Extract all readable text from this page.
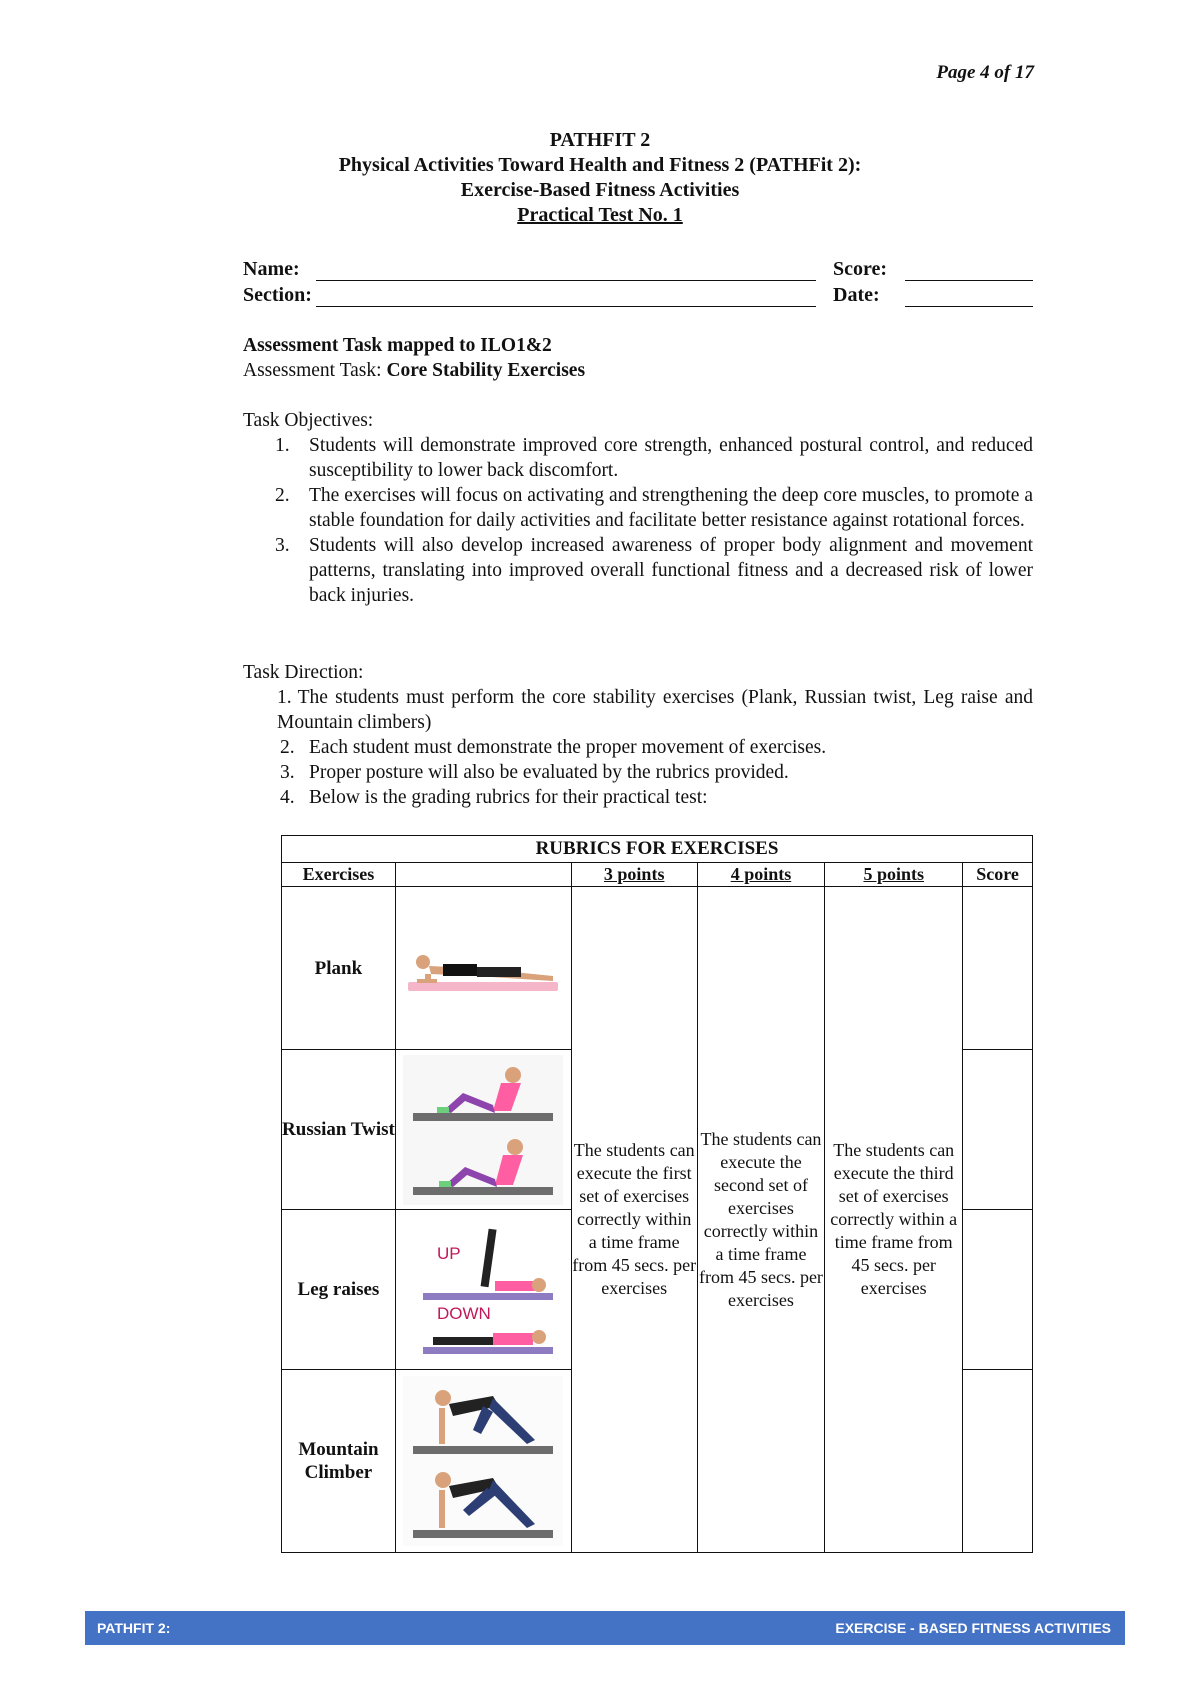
Page 4 of 17
PATHFIT 2
Physical Activities Toward Health and Fitness 2 (PATHFit 2):
Exercise-Based Fitness Activities
Practical Test No. 1
Name:	Score:
Section:	Date:
Assessment Task mapped to ILO1&2
Assessment Task: Core Stability Exercises
Task Objectives:
1. Students will demonstrate improved core strength, enhanced postural control, and reduced susceptibility to lower back discomfort.
2. The exercises will focus on activating and strengthening the deep core muscles, to promote a stable foundation for daily activities and facilitate better resistance against rotational forces.
3. Students will also develop increased awareness of proper body alignment and movement patterns, translating into improved overall functional fitness and a decreased risk of lower back injuries.
Task Direction:
1. The students must perform the core stability exercises (Plank, Russian twist, Leg raise and Mountain climbers)
2. Each student must demonstrate the proper movement of exercises.
3. Proper posture will also be evaluated by the rubrics provided.
4. Below is the grading rubrics for their practical test:
RUBRICS FOR EXERCISES					
Exercises		3 points	4 points	5 points	Score
Plank		The students can execute the first set of exercises correctly within a time frame from 45 secs. per exercises	The students can execute the second set of exercises correctly within a time frame from 45 secs. per exercises	The students can execute the third set of exercises correctly within a time frame from 45 secs. per exercises	
Russian Twist	

Leg raises	UP
DOWN				

Mountain Climber	

PATHFIT 2:	EXERCISE - BASED FITNESS ACTIVITIES
